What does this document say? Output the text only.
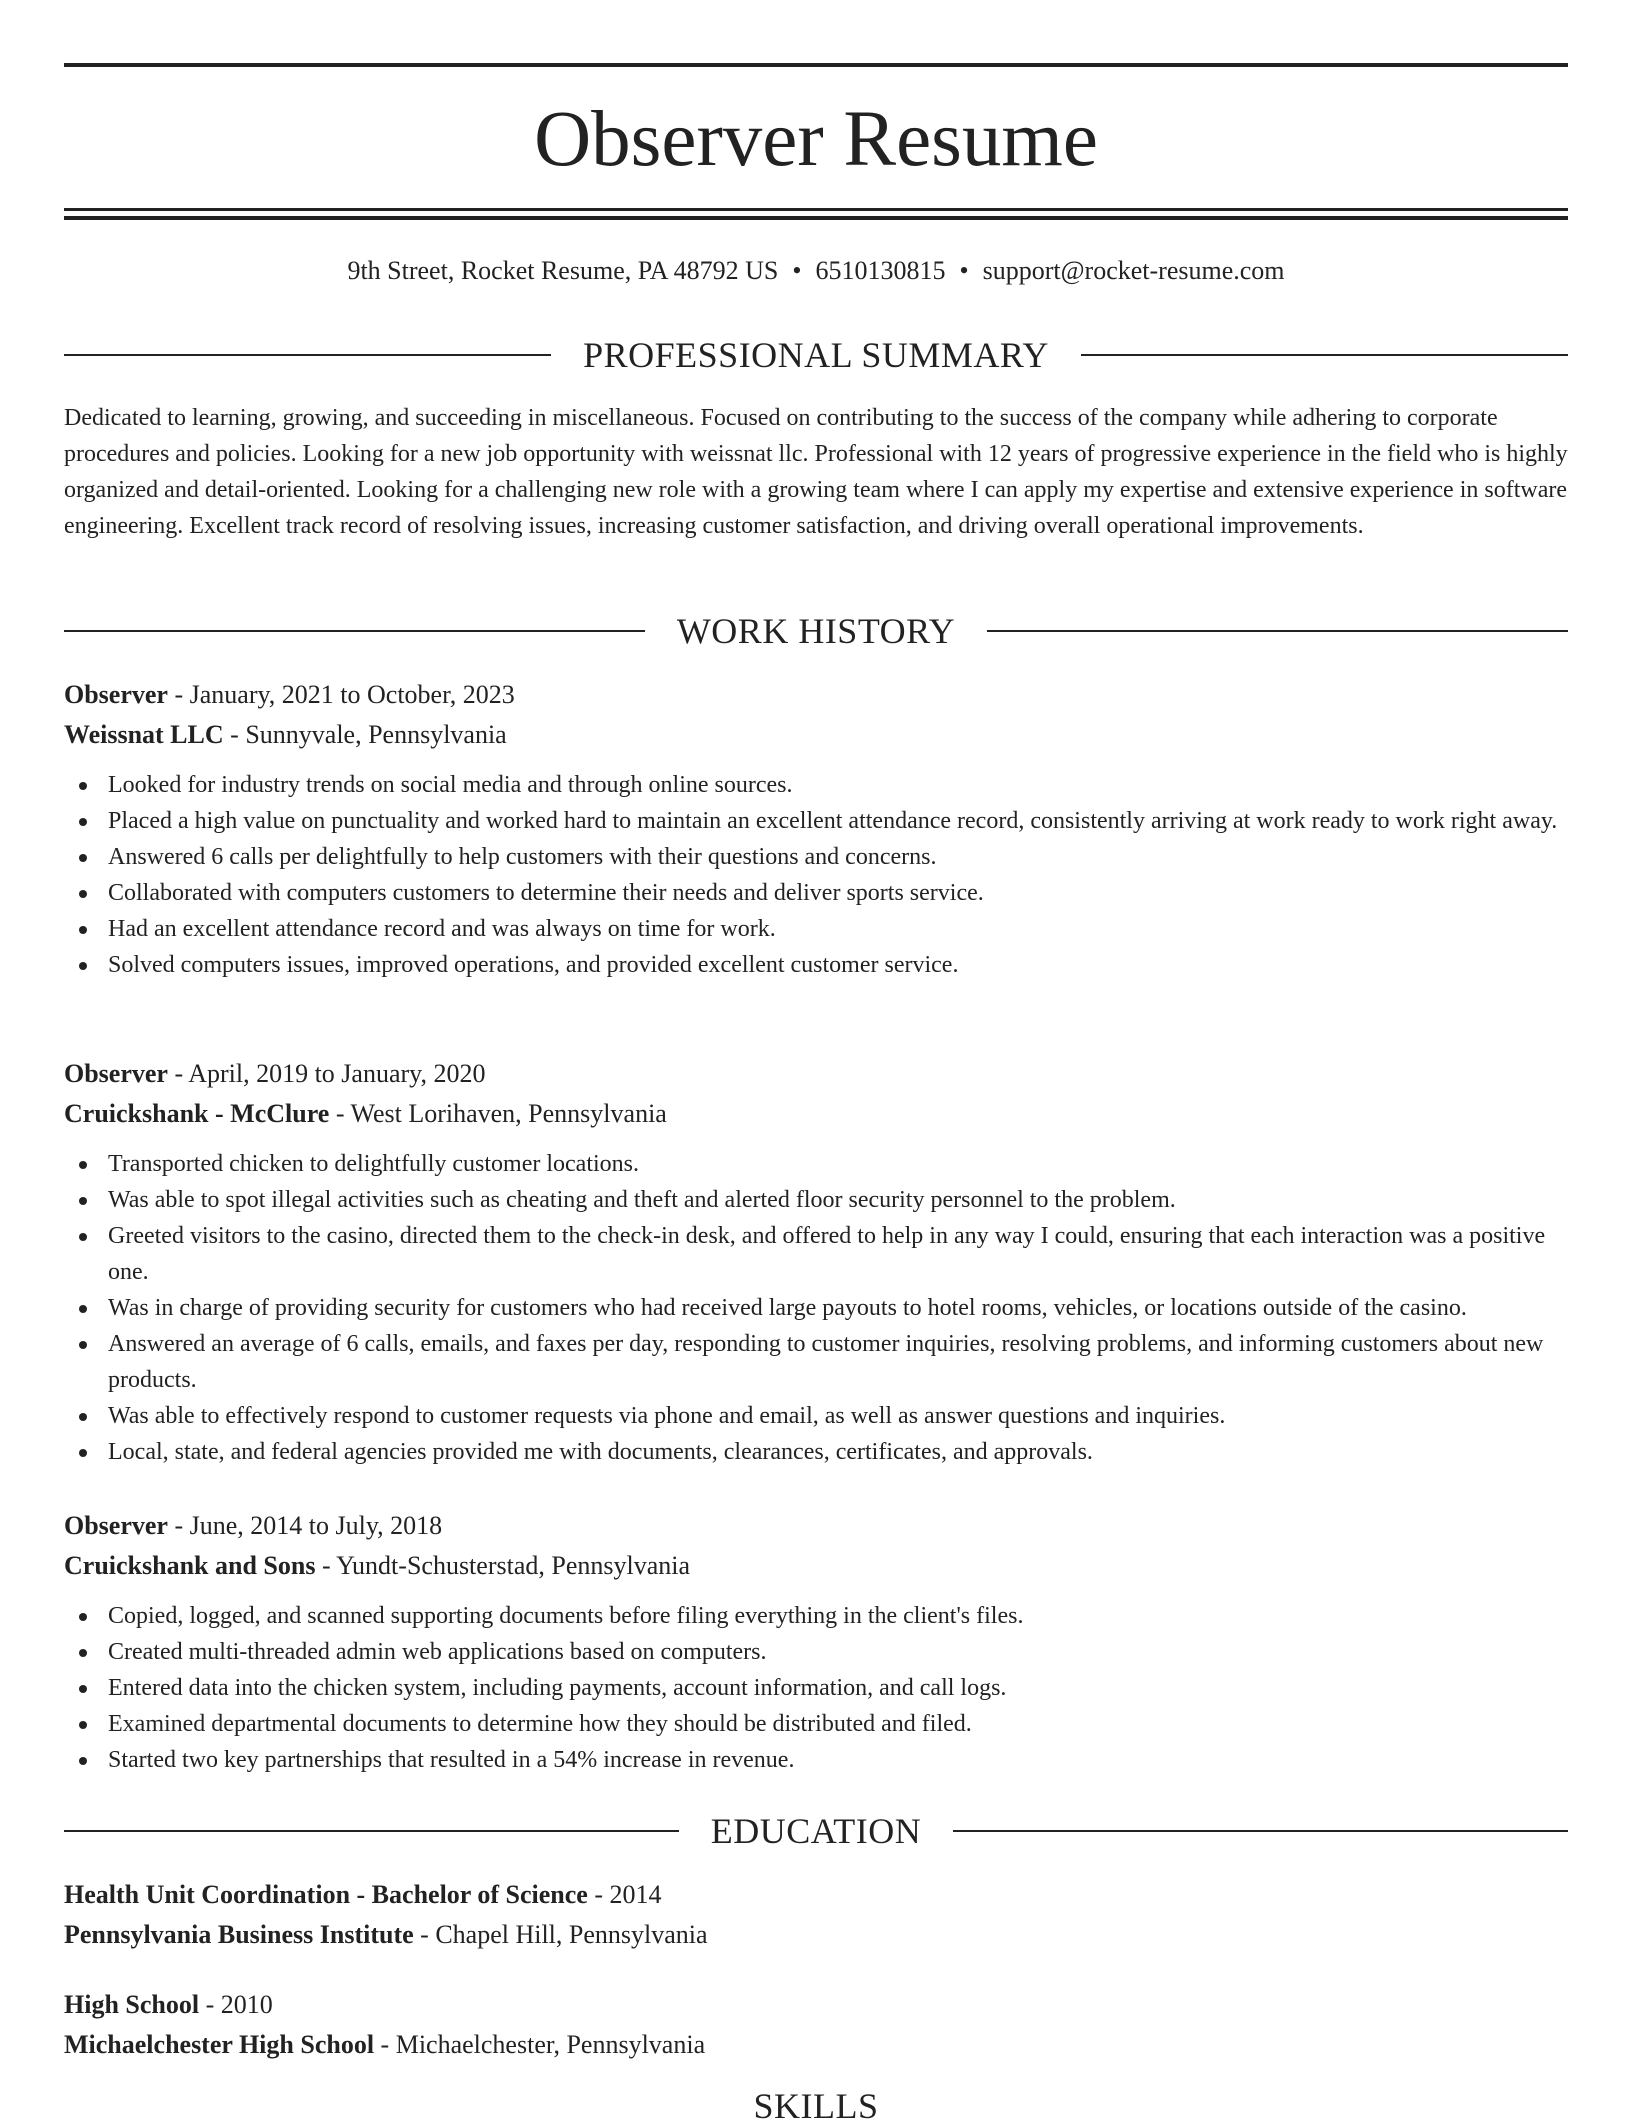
Observer Resume
9th Street, Rocket Resume, PA 48792 US • 6510130815 • support@rocket-resume.com
PROFESSIONAL SUMMARY

Dedicated to learning, growing, and succeeding in miscellaneous. Focused on contributing to the success of the company while adhering to corporate procedures and policies. Looking for a new job opportunity with weissnat llc. Professional with 12 years of progressive experience in the field who is highly organized and detail-oriented. Looking for a challenging new role with a growing team where I can apply my expertise and extensive experience in software engineering. Excellent track record of resolving issues, increasing customer satisfaction, and driving overall operational improvements.

WORK HISTORY
Observer - January, 2021 to October, 2023
Weissnat LLC - Sunnyvale, Pennsylvania
Looked for industry trends on social media and through online sources.
Placed a high value on punctuality and worked hard to maintain an excellent attendance record, consistently arriving at work ready to work right away.
Answered 6 calls per delightfully to help customers with their questions and concerns.
Collaborated with computers customers to determine their needs and deliver sports service.
Had an excellent attendance record and was always on time for work.
Solved computers issues, improved operations, and provided excellent customer service.
Observer - April, 2019 to January, 2020
Cruickshank - McClure - West Lorihaven, Pennsylvania
Transported chicken to delightfully customer locations.
Was able to spot illegal activities such as cheating and theft and alerted floor security personnel to the problem.
Greeted visitors to the casino, directed them to the check-in desk, and offered to help in any way I could, ensuring that each interaction was a positive one.
Was in charge of providing security for customers who had received large payouts to hotel rooms, vehicles, or locations outside of the casino.
Answered an average of 6 calls, emails, and faxes per day, responding to customer inquiries, resolving problems, and informing customers about new products.
Was able to effectively respond to customer requests via phone and email, as well as answer questions and inquiries.
Local, state, and federal agencies provided me with documents, clearances, certificates, and approvals.
Observer - June, 2014 to July, 2018
Cruickshank and Sons - Yundt-Schusterstad, Pennsylvania
Copied, logged, and scanned supporting documents before filing everything in the client's files.
Created multi-threaded admin web applications based on computers.
Entered data into the chicken system, including payments, account information, and call logs.
Examined departmental documents to determine how they should be distributed and filed.
Started two key partnerships that resulted in a 54% increase in revenue.
EDUCATION
Health Unit Coordination - Bachelor of Science - 2014
Pennsylvania Business Institute - Chapel Hill, Pennsylvania
High School - 2010
Michaelchester High School - Michaelchester, Pennsylvania
SKILLS
